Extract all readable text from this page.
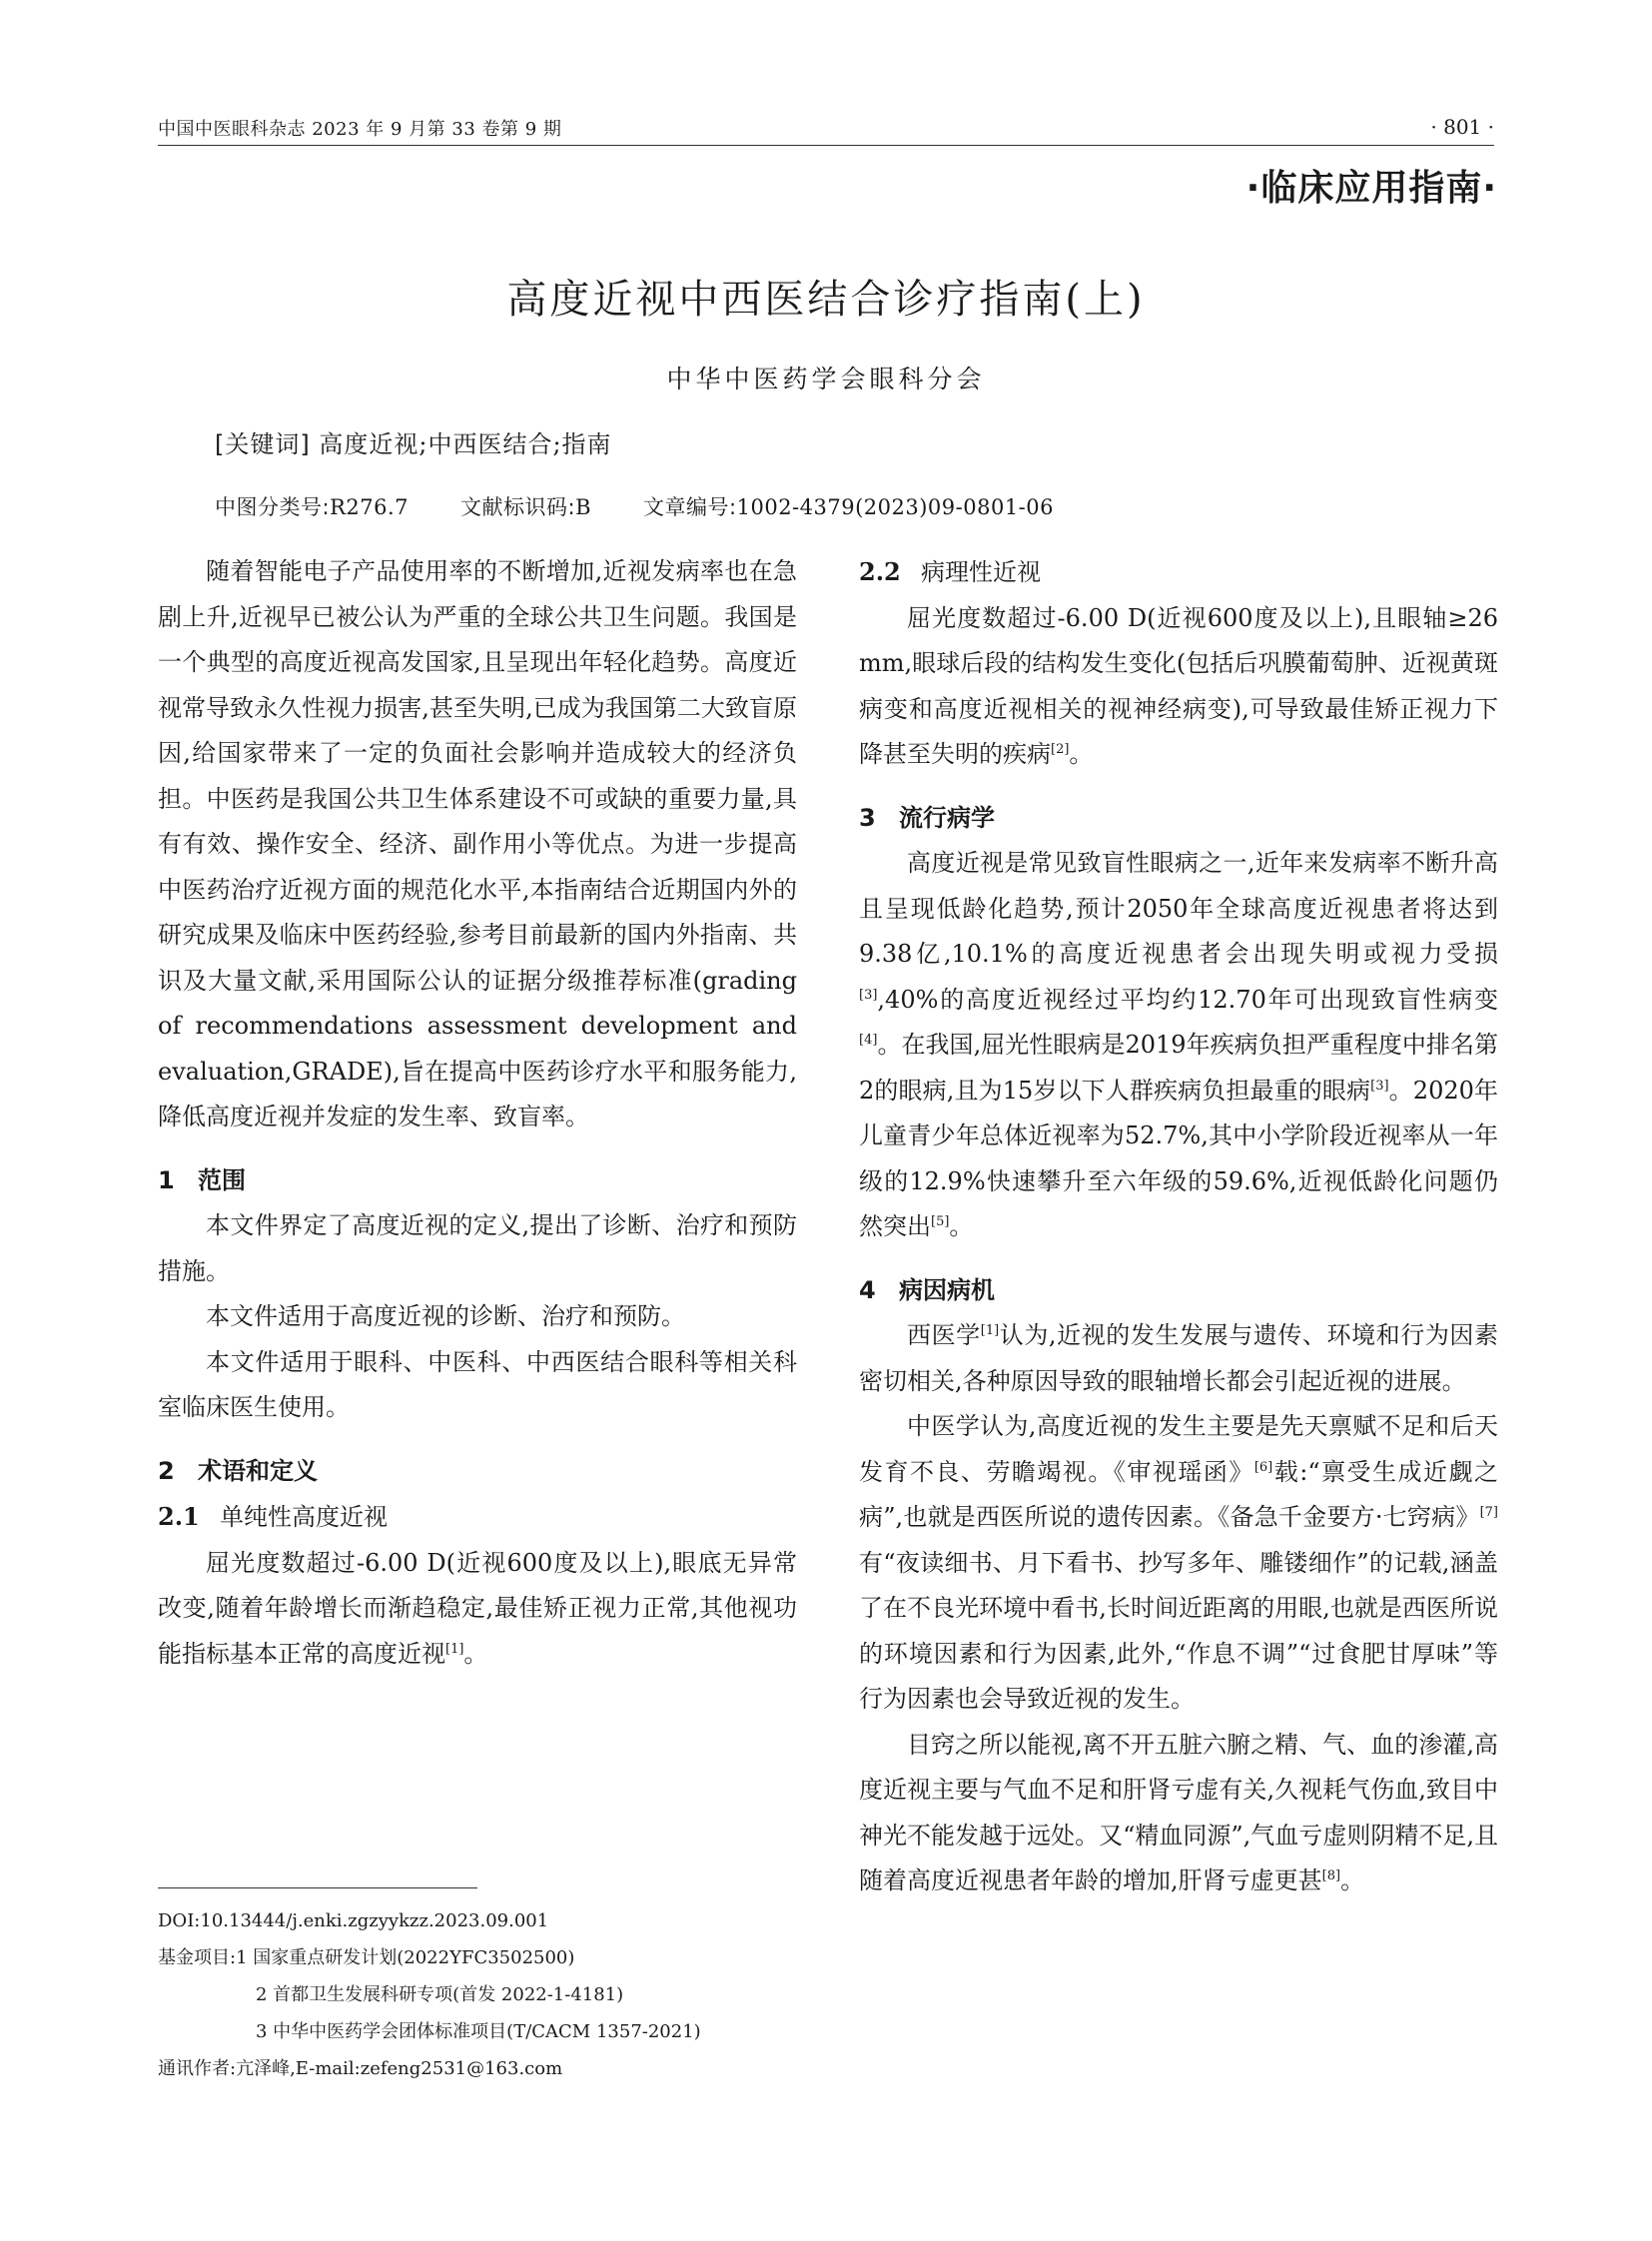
中国中医眼科杂志 2023 年 9 月第 33 卷第 9 期	· 801 ·
·临床应用指南·
高度近视中西医结合诊疗指南(上)
中华中医药学会眼科分会
[关键词] 高度近视;中西医结合;指南
中图分类号:R276.7 文献标识码:B 文章编号:1002-4379(2023)09-0801-06

随着智能电子产品使用率的不断增加,近视发病率也在急剧上升,近视早已被公认为严重的全球公共卫生问题。我国是一个典型的高度近视高发国家,且呈现出年轻化趋势。高度近视常导致永久性视力损害,甚至失明,已成为我国第二大致盲原因,给国家带来了一定的负面社会影响并造成较大的经济负担。中医药是我国公共卫生体系建设不可或缺的重要力量,具有有效、操作安全、经济、副作用小等优点。为进一步提高中医药治疗近视方面的规范化水平,本指南结合近期国内外的研究成果及临床中医药经验,参考目前最新的国内外指南、共识及大量文献,采用国际公认的证据分级推荐标准(grading of recommendations assessment development and evaluation,GRADE),旨在提高中医药诊疗水平和服务能力,降低高度近视并发症的发生率、致盲率。

1 范围

本文件界定了高度近视的定义,提出了诊断、治疗和预防措施。

本文件适用于高度近视的诊断、治疗和预防。

本文件适用于眼科、中医科、中西医结合眼科等相关科室临床医生使用。

2 术语和定义
2.1 单纯性高度近视

屈光度数超过-6.00 D(近视600度及以上),眼底无异常改变,随着年龄增长而渐趋稳定,最佳矫正视力正常,其他视功能指标基本正常的高度近视[1]。

2.2 病理性近视

屈光度数超过-6.00 D(近视600度及以上),且眼轴≥26 mm,眼球后段的结构发生变化(包括后巩膜葡萄肿、近视黄斑病变和高度近视相关的视神经病变),可导致最佳矫正视力下降甚至失明的疾病[2]。

3 流行病学

高度近视是常见致盲性眼病之一,近年来发病率不断升高且呈现低龄化趋势,预计2050年全球高度近视患者将达到9.38亿,10.1%的高度近视患者会出现失明或视力受损[3],40%的高度近视经过平均约12.70年可出现致盲性病变[4]。在我国,屈光性眼病是2019年疾病负担严重程度中排名第2的眼病,且为15岁以下人群疾病负担最重的眼病[3]。2020年儿童青少年总体近视率为52.7%,其中小学阶段近视率从一年级的12.9%快速攀升至六年级的59.6%,近视低龄化问题仍然突出[5]。

4 病因病机

西医学[1]认为,近视的发生发展与遗传、环境和行为因素密切相关,各种原因导致的眼轴增长都会引起近视的进展。

中医学认为,高度近视的发生主要是先天禀赋不足和后天发育不良、劳瞻竭视。《审视瑶函》[6]载:“禀受生成近觑之病”,也就是西医所说的遗传因素。《备急千金要方·七窍病》[7]有“夜读细书、月下看书、抄写多年、雕镂细作”的记载,涵盖了在不良光环境中看书,长时间近距离的用眼,也就是西医所说的环境因素和行为因素,此外,“作息不调”“过食肥甘厚味”等行为因素也会导致近视的发生。

目窍之所以能视,离不开五脏六腑之精、气、血的渗灌,高度近视主要与气血不足和肝肾亏虚有关,久视耗气伤血,致目中神光不能发越于远处。又“精血同源”,气血亏虚则阴精不足,且随着高度近视患者年龄的增加,肝肾亏虚更甚[8]。

DOI:10.13444/j.enki.zgzyykzz.2023.09.001
基金项目:1 国家重点研发计划(2022YFC3502500)
2 首都卫生发展科研专项(首发 2022-1-4181)
3 中华中医药学会团体标准项目(T/CACM 1357-2021)
通讯作者:亢泽峰,E-mail:zefeng2531@163.com
